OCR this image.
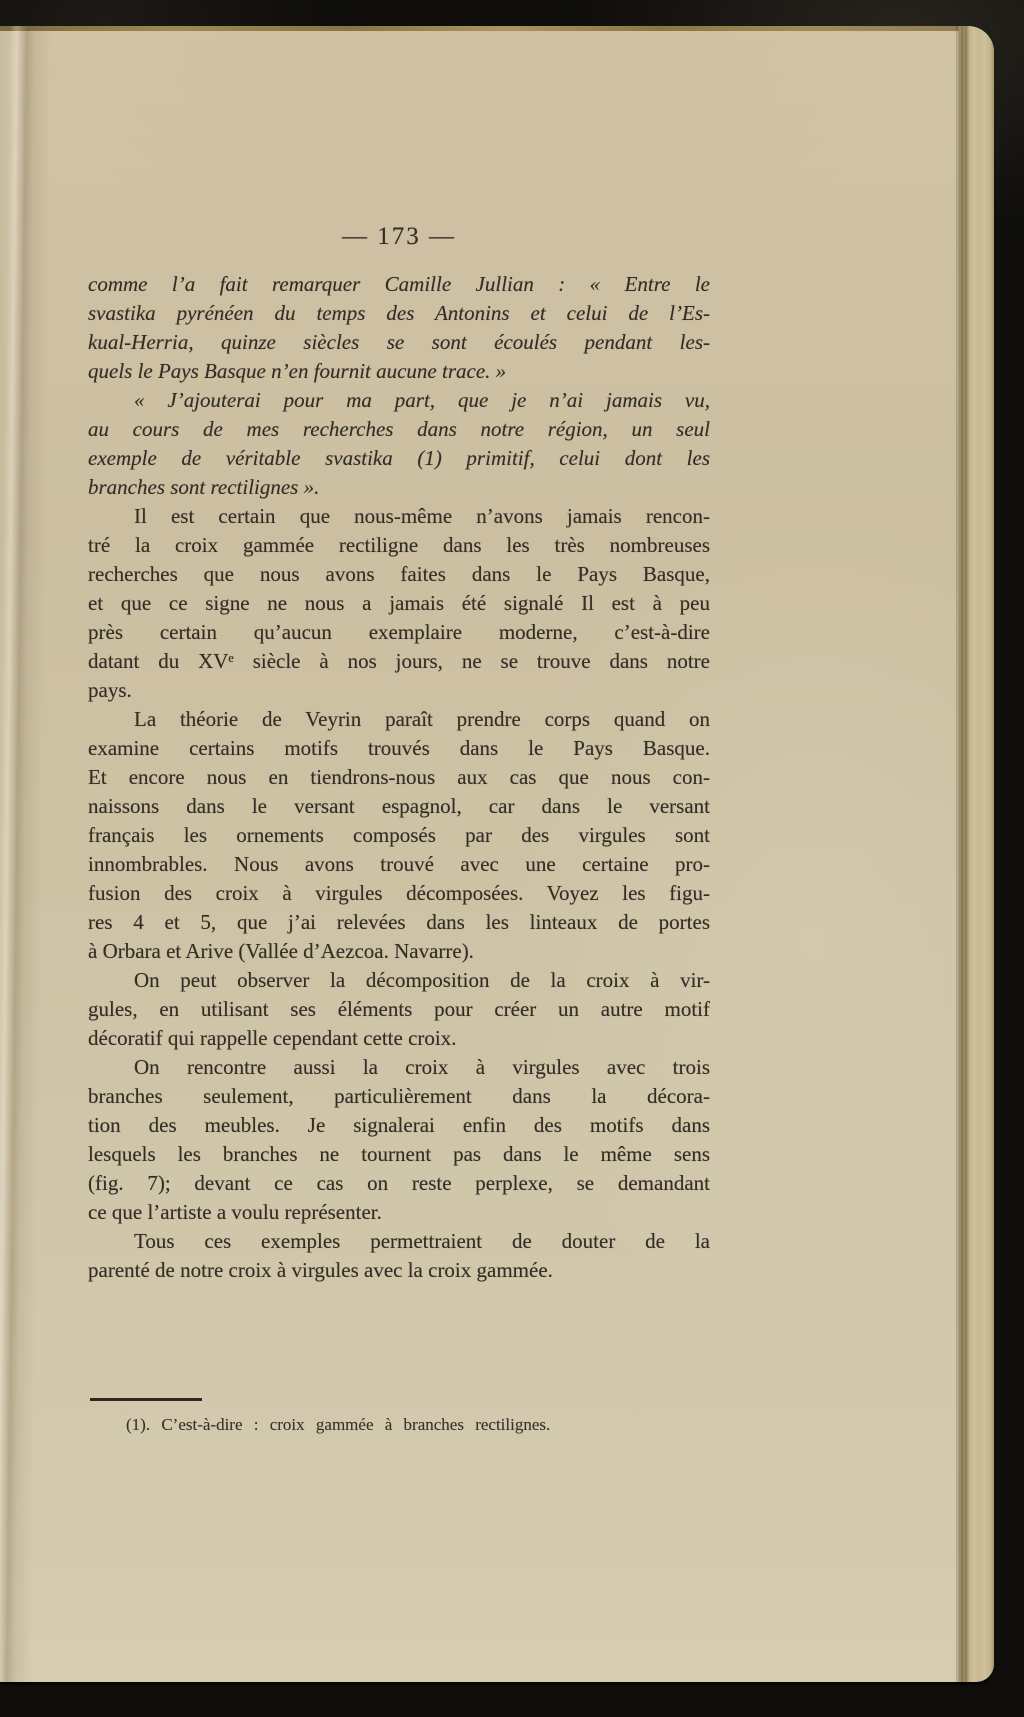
— 173 —
comme l’a fait remarquer Camille Jullian : « Entre le
svastika pyrénéen du temps des Antonins et celui de l’Es-
kual-Herria, quinze siècles se sont écoulés pendant les-
quels le Pays Basque n’en fournit aucune trace. »
« J’ajouterai pour ma part, que je n’ai jamais vu,
au cours de mes recherches dans notre région, un seul
exemple de véritable svastika (1) primitif, celui dont les
branches sont rectilignes ».
Il est certain que nous-même n’avons jamais rencon-
tré la croix gammée rectiligne dans les très nombreuses
recherches que nous avons faites dans le Pays Basque,
et que ce signe ne nous a jamais été signalé Il est à peu
près certain qu’aucun exemplaire moderne, c’est-à-dire
datant du XVᵉ siècle à nos jours, ne se trouve dans notre
pays.
La théorie de Veyrin paraît prendre corps quand on
examine certains motifs trouvés dans le Pays Basque.
Et encore nous en tiendrons-nous aux cas que nous con-
naissons dans le versant espagnol, car dans le versant
français les ornements composés par des virgules sont
innombrables. Nous avons trouvé avec une certaine pro-
fusion des croix à virgules décomposées. Voyez les figu-
res 4 et 5, que j’ai relevées dans les linteaux de portes
à Orbara et Arive (Vallée d’Aezcoa. Navarre).
On peut observer la décomposition de la croix à vir-
gules, en utilisant ses éléments pour créer un autre motif
décoratif qui rappelle cependant cette croix.
On rencontre aussi la croix à virgules avec trois
branches seulement, particulièrement dans la décora-
tion des meubles. Je signalerai enfin des motifs dans
lesquels les branches ne tournent pas dans le même sens
(fig. 7); devant ce cas on reste perplexe, se demandant
ce que l’artiste a voulu représenter.
Tous ces exemples permettraient de douter de la
parenté de notre croix à virgules avec la croix gammée.
(1). C’est-à-dire : croix gammée à branches rectilignes.
